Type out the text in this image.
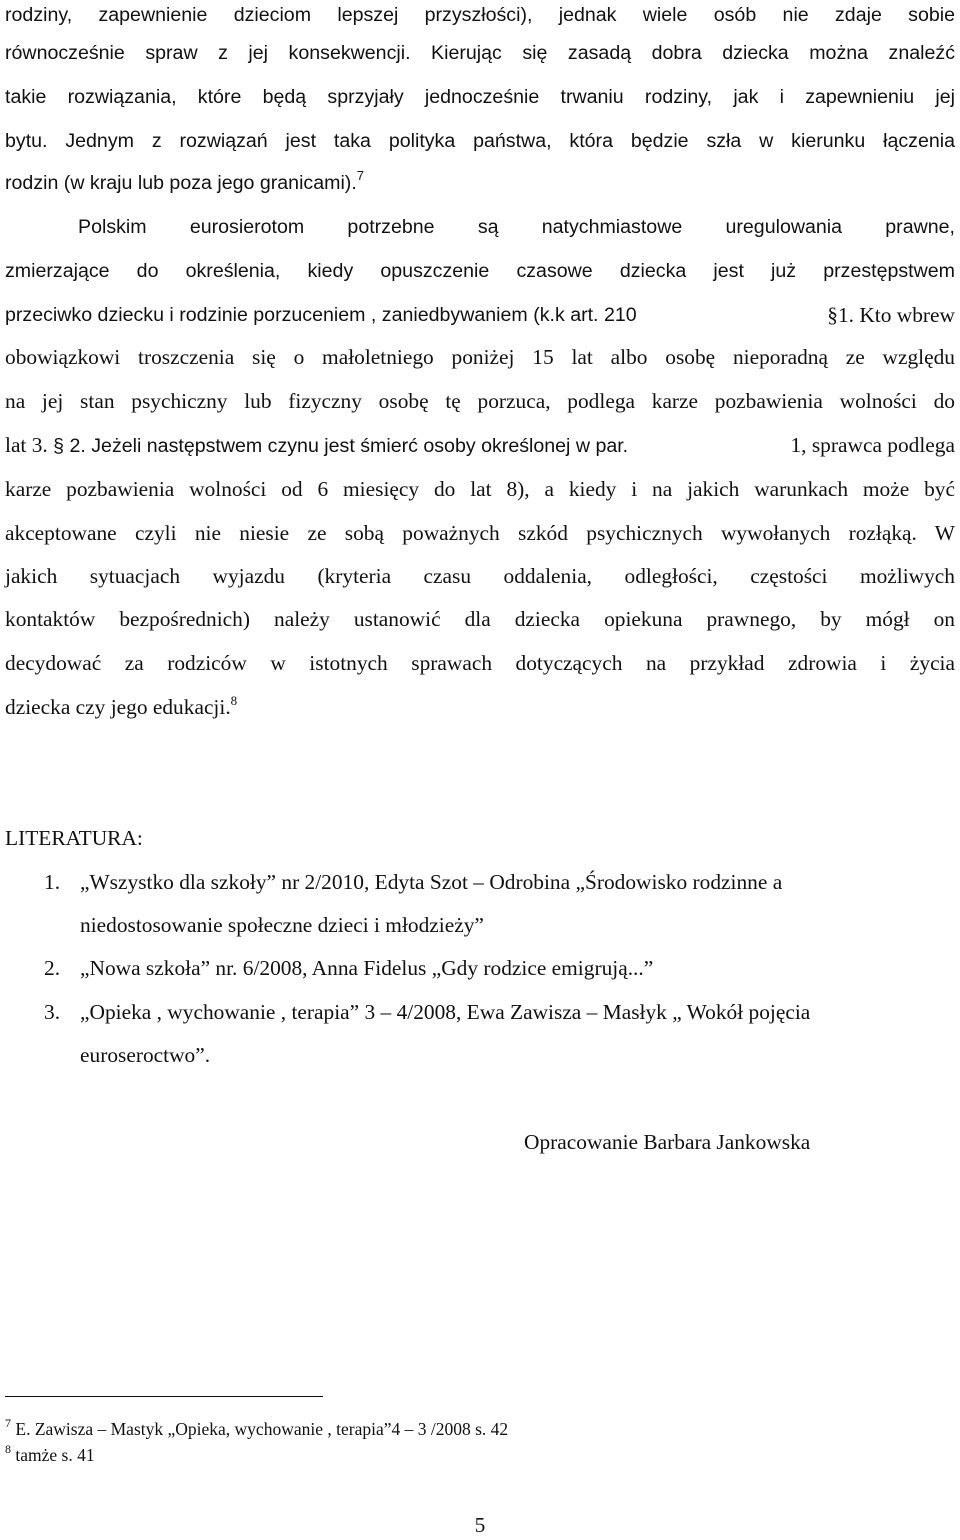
rodziny, zapewnienie dzieciom lepszej przyszłości), jednak wiele osób nie zdaje sobie
równocześnie spraw z jej konsekwencji. Kierując się zasadą dobra dziecka można znaleźć
takie rozwiązania, które będą sprzyjały jednocześnie trwaniu rodziny, jak i zapewnieniu jej
bytu. Jednym z rozwiązań jest taka polityka państwa, która będzie szła w kierunku łączenia
rodzin (w kraju lub poza jego granicami).$^7$
Polskim eurosierotom potrzebne są natychmiastowe uregulowania prawne,
zmierzające do określenia, kiedy opuszczenie czasowe dziecka jest już przestępstwem
przeciwko dziecku i rodzinie porzuceniem , zaniedbywaniem (k.k art. 210	§1. Kto wbrew
obowiązkowi troszczenia się o małoletniego poniżej 15 lat albo osobę nieporadną ze względu
na jej stan psychiczny lub fizyczny osobę tę porzuca, podlega karze pozbawienia wolności do
lat 3. § 2. Jeżeli następstwem czynu jest śmierć osoby określonej w par.	1, sprawca podlega
karze pozbawienia wolności od 6 miesięcy do lat 8), a kiedy i na jakich warunkach może być
akceptowane czyli nie niesie ze sobą poważnych szkód psychicznych wywołanych rozłąką. W
jakich sytuacjach wyjazdu (kryteria czasu oddalenia, odległości, częstości możliwych
kontaktów bezpośrednich) należy ustanowić dla dziecka opiekuna prawnego, by mógł on
decydować za rodziców w istotnych sprawach dotyczących na przykład zdrowia i życia
dziecka czy jego edukacji.$^8$
LITERATURA:
1. „Wszystko dla szkoły” nr 2/2010, Edyta Szot – Odrobina „Środowisko rodzinne a
niedostosowanie społeczne dzieci i młodzieży”
2. „Nowa szkoła” nr. 6/2008, Anna Fidelus „Gdy rodzice emigrują...”
3. „Opieka , wychowanie , terapia” 3 – 4/2008, Ewa Zawisza – Masłyk „ Wokół pojęcia
euroseroctwo”.
Opracowanie Barbara Jankowska
$^7$ E. Zawisza – Mastyk „Opieka, wychowanie , terapia”4 – 3 /2008 s. 42
$^8$ tamże s. 41
5
